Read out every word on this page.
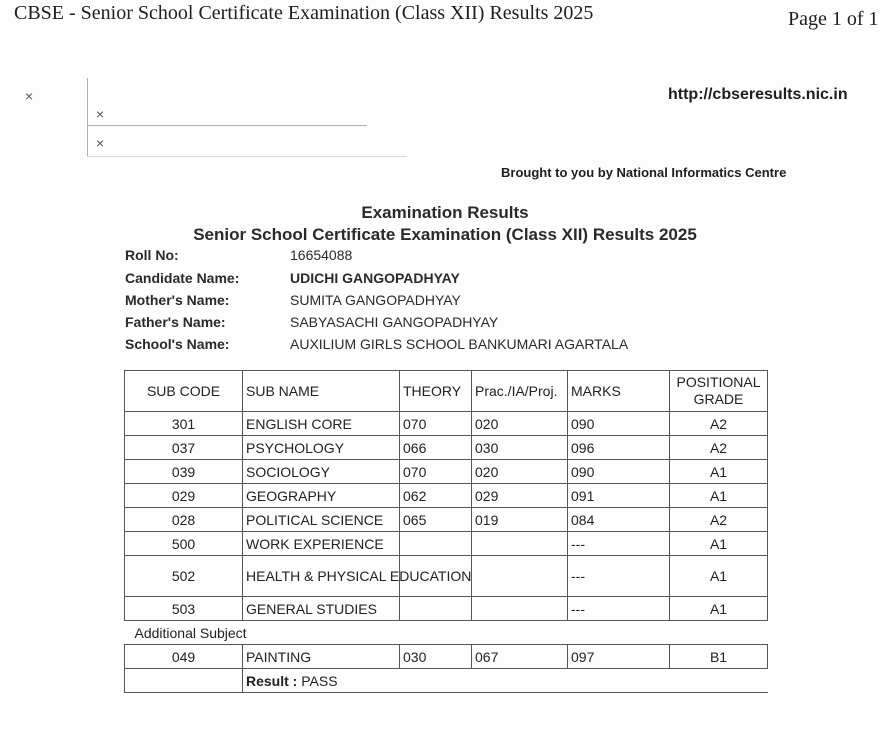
CBSE - Senior School Certificate Examination (Class XII) Results 2025	Page 1 of 1
×
×
×
http://cbseresults.nic.in
Brought to you by National Informatics Centre
Examination Results
Senior School Certificate Examination (Class XII) Results 2025
Roll No:	16654088
Candidate Name:	UDICHI GANGOPADHYAY
Mother's Name:	SUMITA GANGOPADHYAY
Father's Name:	SABYASACHI GANGOPADHYAY
School's Name:	AUXILIUM GIRLS SCHOOL BANKUMARI AGARTALA
SUB CODE	SUB NAME	THEORY	Prac./IA/Proj.	MARKS	POSITIONAL
GRADE
301	ENGLISH CORE	070	020	090	A2
037	PSYCHOLOGY	066	030	096	A2
039	SOCIOLOGY	070	020	090	A1
029	GEOGRAPHY	062	029	091	A1
028	POLITICAL SCIENCE	065	019	084	A2
500	WORK EXPERIENCE			---	A1
502	HEALTH & PHYSICAL EDUCATION			---	A1
503	GENERAL STUDIES			---	A1
Additional Subject					
049	PAINTING	030	067	097	B1
	Result : PASS				
